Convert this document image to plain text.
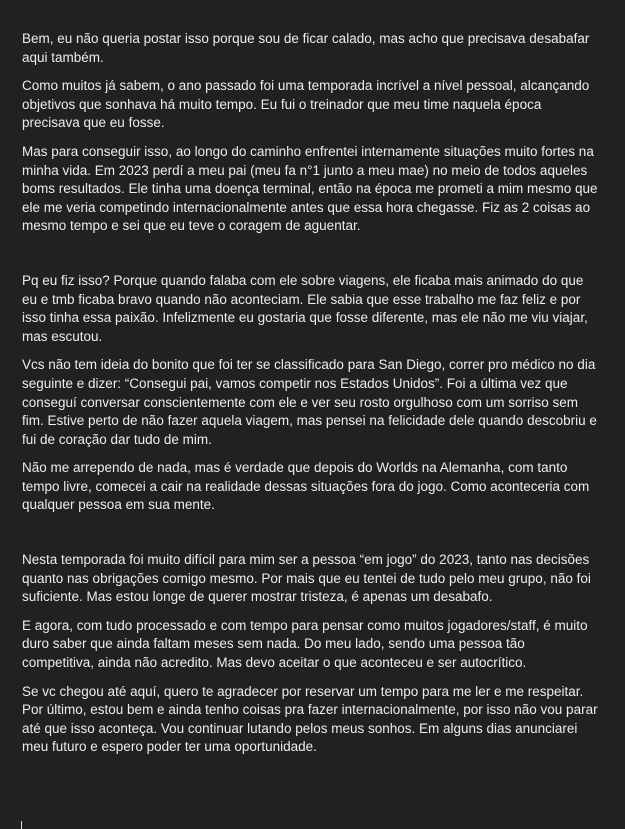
Bem, eu não queria postar isso porque sou de ficar calado, mas acho que precisava desabafar aqui também.

Como muitos já sabem, o ano passado foi uma temporada incrível a nível pessoal, alcançando objetivos que sonhava há muito tempo. Eu fui o treinador que meu time naquela época precisava que eu fosse.

Mas para conseguir isso, ao longo do caminho enfrentei internamente situações muito fortes na minha vida. Em 2023 perdí a meu pai (meu fa n°1 junto a meu mae) no meio de todos aqueles boms resultados. Ele tinha uma doença terminal, então na época me prometi a mim mesmo que ele me veria competindo internacionalmente antes que essa hora chegasse. Fiz as 2 coisas ao mesmo tempo e sei que eu teve o coragem de aguentar.

Pq eu fiz isso? Porque quando falaba com ele sobre viagens, ele ficaba mais animado do que eu e tmb ficaba bravo quando não aconteciam. Ele sabia que esse trabalho me faz feliz e por isso tinha essa paixão. Infelizmente eu gostaria que fosse diferente, mas ele não me viu viajar, mas escutou.

Vcs não tem ideia do bonito que foi ter se classificado para San Diego, correr pro médico no dia seguinte e dizer: “Consegui pai, vamos competir nos Estados Unidos”. Foi a última vez que conseguí conversar conscientemente com ele e ver seu rosto orgulhoso com um sorriso sem fim. Estive perto de não fazer aquela viagem, mas pensei na felicidade dele quando descobriu e fui de coração dar tudo de mim.

Não me arrependo de nada, mas é verdade que depois do Worlds na Alemanha, com tanto tempo livre, comecei a cair na realidade dessas situações fora do jogo. Como aconteceria com qualquer pessoa em sua mente.

Nesta temporada foi muito difícil para mim ser a pessoa “em jogo” do 2023, tanto nas decisões quanto nas obrigações comigo mesmo. Por mais que eu tentei de tudo pelo meu grupo, não foi suficiente. Mas estou longe de querer mostrar tristeza, é apenas um desabafo.

E agora, com tudo processado e com tempo para pensar como muitos jogadores/staff, é muito duro saber que ainda faltam meses sem nada. Do meu lado, sendo uma pessoa tão competitiva, ainda não acredito. Mas devo aceitar o que aconteceu e ser autocrítico.

Se vc chegou até aquí, quero te agradecer por reservar um tempo para me ler e me respeitar. Por último, estou bem e ainda tenho coisas pra fazer internacionalmente, por isso não vou parar até que isso aconteça. Vou continuar lutando pelos meus sonhos. Em alguns dias anunciarei meu futuro e espero poder ter uma oportunidade.
